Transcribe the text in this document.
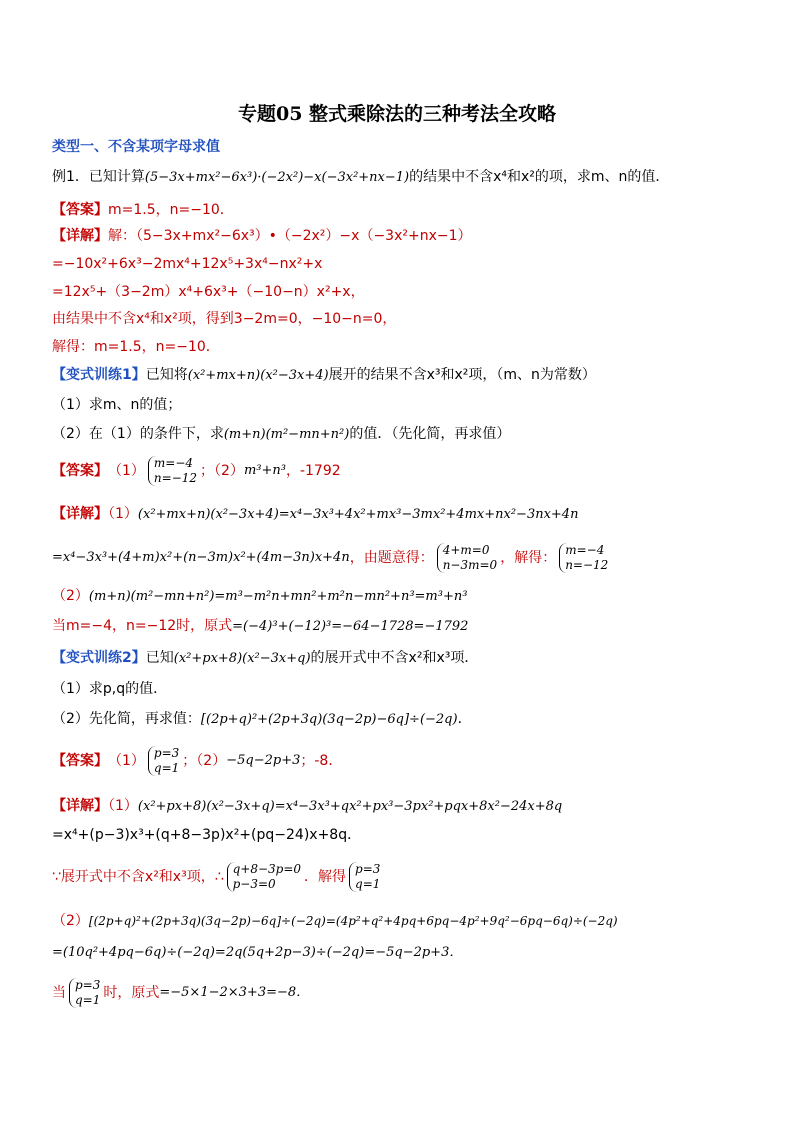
专题05 整式乘除法的三种考法全攻略
类型一、不含某项字母求值
例1．已知计算(5−3x+mx²−6x³)·(−2x²)−x(−3x²+nx−1)的结果中不含x⁴和x²的项，求m、n的值．
【答案】m=1.5，n=−10．
【详解】解：（5−3x+mx²−6x³）•（−2x²）−x（−3x²+nx−1）
=−10x²+6x³−2mx⁴+12x⁵+3x⁴−nx²+x
=12x⁵+（3−2m）x⁴+6x³+（−10−n）x²+x，
由结果中不含x⁴和x²项，得到3−2m=0，−10−n=0，
解得：m=1.5，n=−10．
【变式训练1】已知将(x²+mx+n)(x²−3x+4)展开的结果不含x³和x²项，（m、n为常数）
（1）求m、n的值；
（2）在（1）的条件下，求(m+n)(m²−mn+n²)的值．（先化简，再求值）
【答案】（1） m=−4
n=−12 ；（2）m³+n³，-1792
【详解】（1）(x²+mx+n)(x²−3x+4)=x⁴−3x³+4x²+mx³−3mx²+4mx+nx²−3nx+4n
=x⁴−3x³+(4+m)x²+(n−3m)x²+(4m−3n)x+4n，由题意得： 4+m=0
n−3m=0 ，解得： m=−4
n=−12
（2）(m+n)(m²−mn+n²)=m³−m²n+mn²+m²n−mn²+n³=m³+n³
当m=−4，n=−12时，原式=(−4)³+(−12)³=−64−1728=−1792
【变式训练2】已知(x²+px+8)(x²−3x+q)的展开式中不含x²和x³项．
（1）求p,q的值．
（2）先化简，再求值：[(2p+q)²+(2p+3q)(3q−2p)−6q]÷(−2q)．
【答案】（1） p=3
q=1 ；（2）−5q−2p+3；-8．
【详解】（1）(x²+px+8)(x²−3x+q)=x⁴−3x³+qx²+px³−3px²+pqx+8x²−24x+8q
=x⁴+(p−3)x³+(q+8−3p)x²+(pq−24)x+8q．
∵展开式中不含x²和x³项，∴ q+8−3p=0
p−3=0	．解得 p=3
q=1
（2）[(2p+q)²+(2p+3q)(3q−2p)−6q]÷(−2q)=(4p²+q²+4pq+6pq−4p²+9q²−6pq−6q)÷(−2q)
=(10q²+4pq−6q)÷(−2q)=2q(5q+2p−3)÷(−2q)=−5q−2p+3．
当 p=3
q=1 时，原式=−5×1−2×3+3=−8．
